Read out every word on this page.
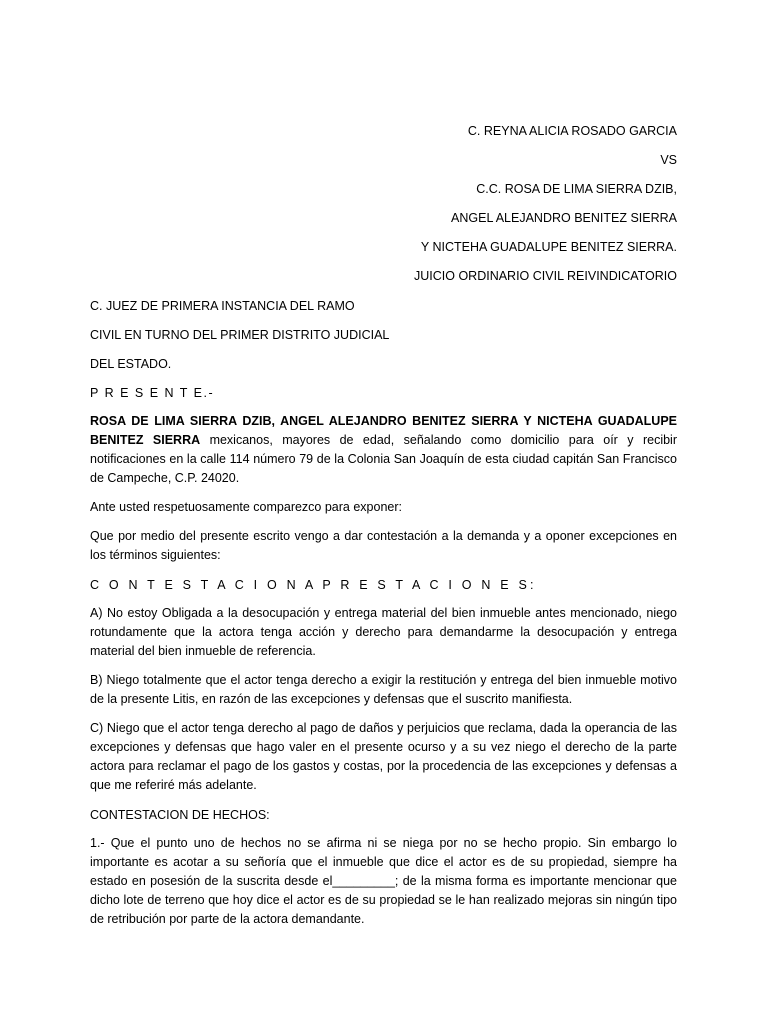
C. REYNA ALICIA ROSADO GARCIA
VS
C.C. ROSA DE LIMA SIERRA DZIB,
ANGEL ALEJANDRO BENITEZ SIERRA
Y NICTEHA GUADALUPE BENITEZ SIERRA.
JUICIO ORDINARIO CIVIL REIVINDICATORIO
C. JUEZ DE PRIMERA INSTANCIA DEL RAMO
CIVIL EN TURNO DEL PRIMER DISTRITO JUDICIAL
DEL ESTADO.
P R E S E N T E.-
ROSA DE LIMA SIERRA DZIB, ANGEL ALEJANDRO BENITEZ SIERRA Y NICTEHA GUADALUPE BENITEZ SIERRA mexicanos, mayores de edad, señalando como domicilio para oír y recibir notificaciones en la calle 114 número 79 de la Colonia San Joaquín de esta ciudad capitán San Francisco de Campeche, C.P. 24020.
Ante usted respetuosamente comparezco para exponer:
Que por medio del presente escrito vengo a dar contestación a la demanda y a oponer excepciones en los términos siguientes:
C O N T E S T A C I O N A P R E S T A C I O N E S:
A) No estoy Obligada a la desocupación y entrega material del bien inmueble antes mencionado, niego rotundamente que la actora tenga acción y derecho para demandarme la desocupación y entrega material del bien inmueble de referencia.
B) Niego totalmente que el actor tenga derecho a exigir la restitución y entrega del bien inmueble motivo de la presente Litis, en razón de las excepciones y defensas que el suscrito manifiesta.
C) Niego que el actor tenga derecho al pago de daños y perjuicios que reclama, dada la operancia de las excepciones y defensas que hago valer en el presente ocurso y a su vez niego el derecho de la parte actora para reclamar el pago de los gastos y costas, por la procedencia de las excepciones y defensas a que me referiré más adelante.
CONTESTACION DE HECHOS:
1.- Que el punto uno de hechos no se afirma ni se niega por no se hecho propio. Sin embargo lo importante es acotar a su señoría que el inmueble que dice el actor es de su propiedad, siempre ha estado en posesión de la suscrita desde el_________; de la misma forma es importante mencionar que dicho lote de terreno que hoy dice el actor es de su propiedad se le han realizado mejoras sin ningún tipo de retribución por parte de la actora demandante.
